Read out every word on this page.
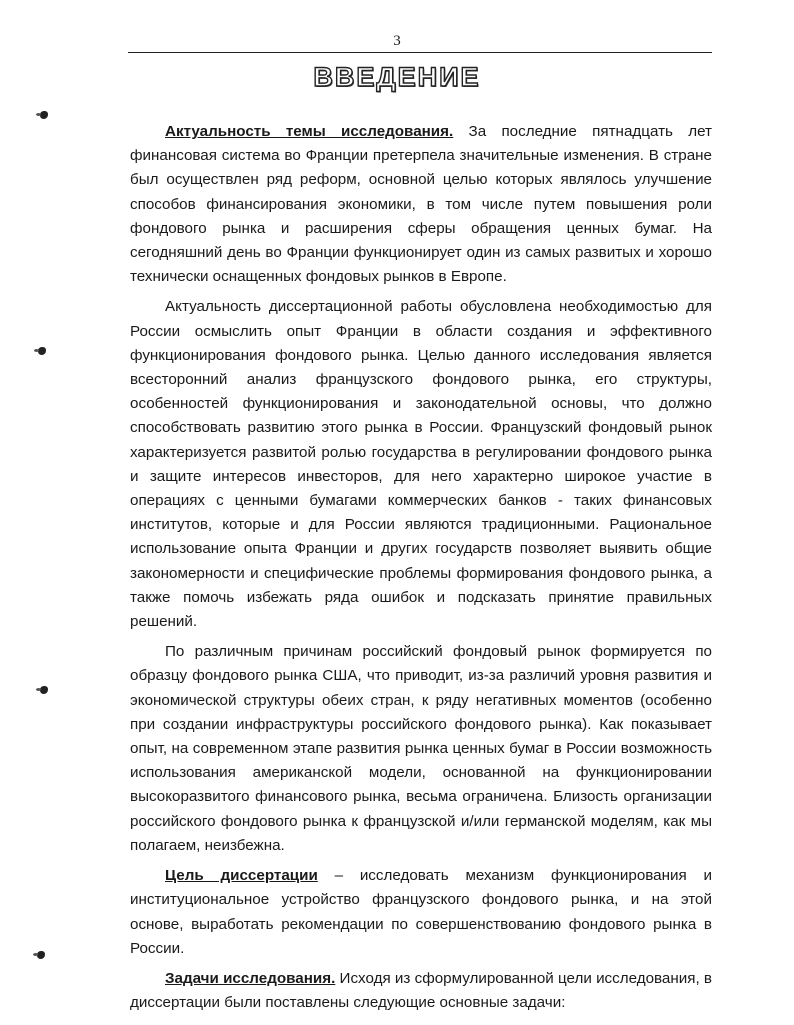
3
ВВЕДЕНИЕ

Актуальность темы исследования. За последние пятнадцать лет финансовая система во Франции претерпела значительные изменения. В стране был осуществлен ряд реформ, основной целью которых являлось улучшение способов финансирования экономики, в том числе путем повышения роли фондового рынка и расширения сферы обращения ценных бумаг. На сегодняшний день во Франции функционирует один из самых развитых и хорошо технически оснащенных фондовых рынков в Европе.

Актуальность диссертационной работы обусловлена необходимостью для России осмыслить опыт Франции в области создания и эффективного функционирования фондового рынка. Целью данного исследования является всесторонний анализ французского фондового рынка, его структуры, особенностей функционирования и законодательной основы, что должно способствовать развитию этого рынка в России. Французский фондовый рынок характеризуется развитой ролью государства в регулировании фондового рынка и защите интересов инвесторов, для него характерно широкое участие в операциях с ценными бумагами коммерческих банков - таких финансовых институтов, которые и для России являются традиционными. Рациональное использование опыта Франции и других государств позволяет выявить общие закономерности и специфические проблемы формирования фондового рынка, а также помочь избежать ряда ошибок и подсказать принятие правильных решений.

По различным причинам российский фондовый рынок формируется по образцу фондового рынка США, что приводит, из-за различий уровня развития и экономической структуры обеих стран, к ряду негативных моментов (особенно при создании инфраструктуры российского фондового рынка). Как показывает опыт, на современном этапе развития рынка ценных бумаг в России возможность использования американской модели, основанной на функционировании высокоразвитого финансового рынка, весьма ограничена. Близость организации российского фондового рынка к французской и/или германской моделям, как мы полагаем, неизбежна.

Цель диссертации – исследовать механизм функционирования и институциональное устройство французского фондового рынка, и на этой основе, выработать рекомендации по совершенствованию фондового рынка в России.

Задачи исследования. Исходя из сформулированной цели исследования, в диссертации были поставлены следующие основные задачи:
